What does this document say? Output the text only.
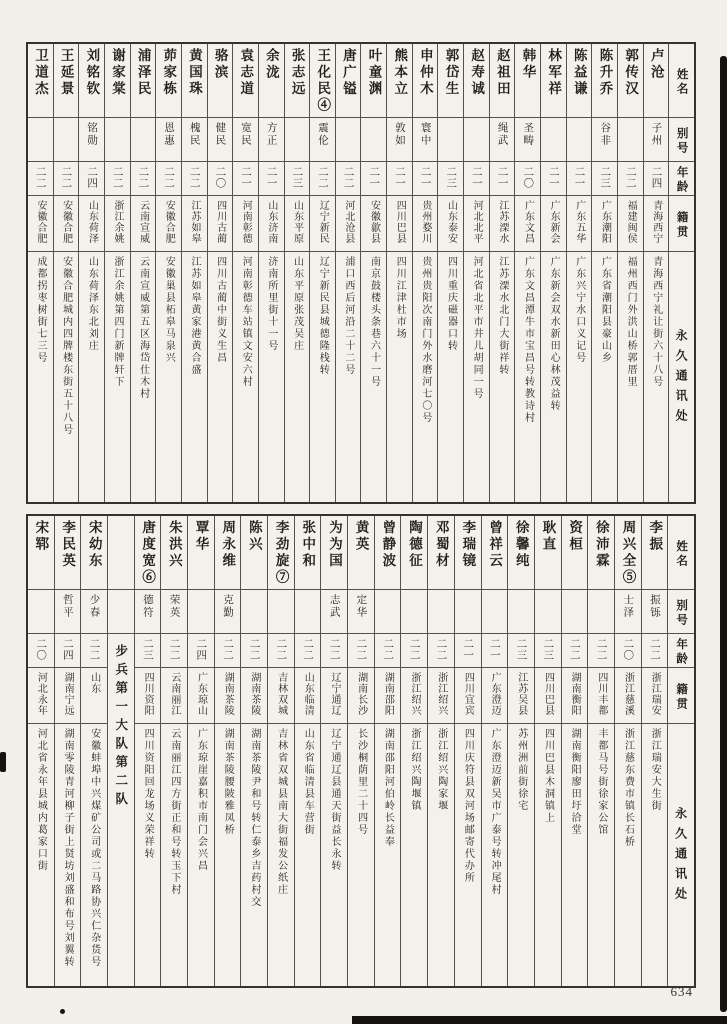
姓名
别号
年龄
籍贯
永久通讯处
卢沧
子州
二四
青海西宁
青海西宁礼让街六十八号
郭传汉
二二
福建闽侯
福州西门外洪山桥郭厝里
陈升乔
谷非
二三
广东潮阳
广东省潮阳县豪山乡
陈益谦
二一
广东五华
广东兴宁水口义记号
林军祥
二一
广东新会
广东新会双水新田心林茂益转
韩华
圣畴
二〇
广东文昌
广东文昌潭牛市宝昌号转教诗村
赵祖田
绳武
二一
江苏溧水
江苏溧水北门大街祥转
赵寿诚
二一
河北北平
河北省北平市井儿胡同一号
郭岱生
二三
山东泰安
四川重庆磁器口转
申仲木
寰中
二一
贵州婺川
贵州贵阳次南门外水磨河七〇号
熊本立
敦如
二一
四川巴县
四川江津杜市场
叶童渊
二一
安徽歙县
南京鼓楼头条巷六十一号
唐广镒
二二
河北沧县
浦口西后河沿二十二号
王化民④
震伦
二二
辽宁新民
辽宁新民县城德隆栈转
张志远
二三
山东平原
山东平原张茂吴庄
余泷
方正
二一
山东济南
济南所里街十一号
袁志道
宽民
二一
河南彰德
河南彰德车站镇文安六村
骆滨
健民
二〇
四川古蔺
四川古蔺中街义生昌
黄国珠
槐民
二二
江苏如皋
江苏如皋黄家港黄合盛
茆家栋
恩惠
二二
安徽合肥
安徽巢县柘皋马泉兴
浦泽民
二二
云南宣威
云南宣威第五区海岱仕木村
谢家棠
二二
浙江余姚
浙江余姚第四门新牌轩下
刘铭钦
铭勋
二四
山东荷泽
山东荷泽东北刘庄
王延景
二二
安徽合肥
安徽合肥城内四牌楼东街五十八号
卫道杰
二二
安徽合肥
成都拐枣树街七三号
姓名
别号
年龄
籍贯
永久通讯处
李振
振铄
二二
浙江瑞安
浙江瑞安大生街
周兴全⑤
士泽
二〇
浙江慈溪
浙江慈东费市镇长石桥
徐沛霖
二二
四川丰都
丰都马号街徐家公馆
资桓
二二
湖南衡阳
湖南衡阳廖田圩洽堂
耿直
二三
四川巴县
四川巴县木洞镇上
徐馨纯
二三
江苏吴县
苏州洲前街徐宅
曾祥云
二一
广东澄迈
广东澄迈新吴市广泰号转冲尾村
李瑞镜
二一
四川宜宾
四川庆符县双河场邮寄代办所
邓蜀材
二二
浙江绍兴
浙江绍兴陶家堰
陶德征
二二
浙江绍兴
浙江绍兴陶堰镇
曾静波
二二
湖南邵阳
湖南邵阳河伯岭长益奉
黄英
定华
二二
湖南长沙
长沙桐荫里二十四号
为为国
志武
二二
辽宁通辽
辽宁通辽县通天街益长永转
张中和
二二
山东临清
山东省临清县车营街
李劲旋⑦
二二
吉林双城
吉林省双城县南大街福发公纸庄
陈兴
二二
湖南茶陵
湖南茶陵尹和号转仁泰乡吉药村交
周永维
克勤
二二
湖南茶陵
湖南茶陵腰陂雅凤桥
覃华
二四
广东琼山
广东琼崖嘉积市南门会兴昌
朱洪兴
荣英
二二
云南丽江
云南丽江四方街正和号转玉下村
唐度宽⑥
德符
二三
四川资阳
四川资阳回龙场义荣祥转
步兵第一大队第二队
宋幼东
少春
二二
山东
安徽蚌埠中兴煤矿公司或二马路协兴仁杂货号
李民英
哲平
二四
湖南宁远
湖南零陵青河柳子街上贤坊刘盛和布号刘翼转
宋郓
二〇
河北永年
河北省永年县城内葛家口街
634
